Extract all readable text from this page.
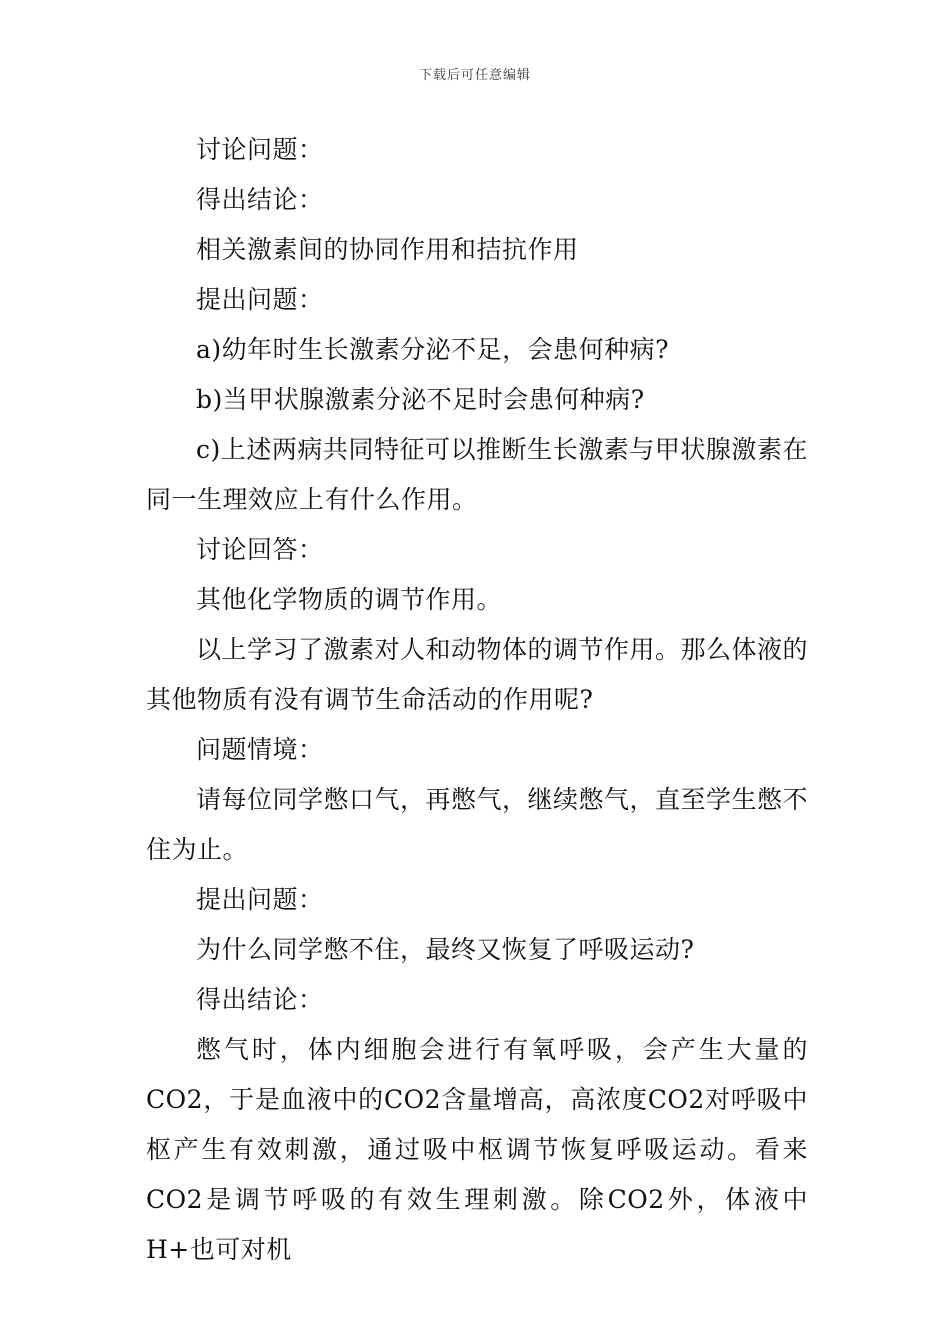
下载后可任意编辑

讨论问题：

得出结论：

相关激素间的协同作用和拮抗作用

提出问题：

a)幼年时生长激素分泌不足，会患何种病?

b)当甲状腺激素分泌不足时会患何种病?

c)上述两病共同特征可以推断生长激素与甲状腺激素在同一生理效应上有什么作用。

讨论回答：

其他化学物质的调节作用。

以上学习了激素对人和动物体的调节作用。那么体液的其他物质有没有调节生命活动的作用呢?

问题情境：

请每位同学憋口气，再憋气，继续憋气，直至学生憋不住为止。

提出问题：

为什么同学憋不住，最终又恢复了呼吸运动?

得出结论：

憋气时，体内细胞会进行有氧呼吸，会产生大量的CO2，于是血液中的CO2含量增高，高浓度CO2对呼吸中枢产生有效刺激，通过吸中枢调节恢复呼吸运动。看来CO2是调节呼吸的有效生理刺激。除CO2外，体液中H+也可对机
